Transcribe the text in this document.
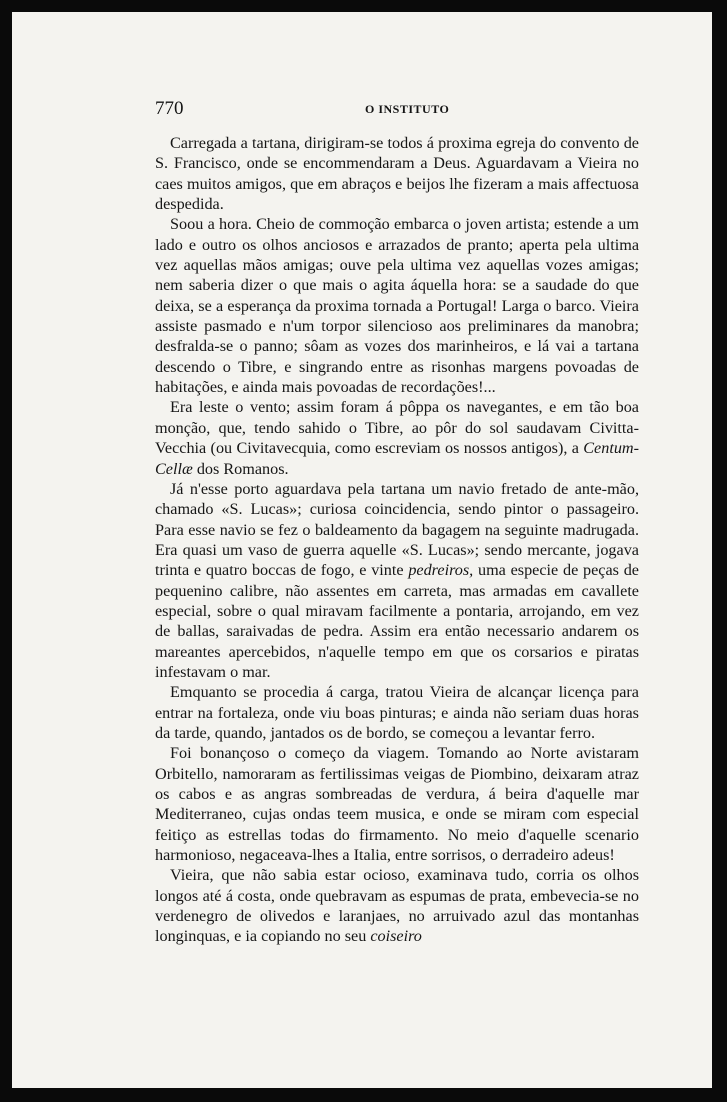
770	O INSTITUTO

Carregada a tartana, dirigiram-se todos á proxima egreja do convento de S. Francisco, onde se encommendaram a Deus. Aguardavam a Vieira no caes muitos amigos, que em abraços e beijos lhe fizeram a mais affectuosa despedida.

Soou a hora. Cheio de commoção embarca o joven artista; estende a um lado e outro os olhos anciosos e arrazados de pranto; aperta pela ultima vez aquellas mãos amigas; ouve pela ultima vez aquellas vozes amigas; nem saberia dizer o que mais o agita áquella hora: se a saudade do que deixa, se a esperança da proxima tornada a Portugal! Larga o barco. Vieira assiste pasmado e n'um torpor silencioso aos preliminares da manobra; desfralda-se o panno; sôam as vozes dos marinheiros, e lá vai a tartana descendo o Tibre, e singrando entre as risonhas margens povoadas de habitações, e ainda mais povoadas de recordações!...

Era leste o vento; assim foram á pôppa os navegantes, e em tão boa monção, que, tendo sahido o Tibre, ao pôr do sol saudavam Civitta-Vecchia (ou Civitavecquia, como escreviam os nossos antigos), a Centum-Cellæ dos Romanos.

Já n'esse porto aguardava pela tartana um navio fretado de ante-mão, chamado «S. Lucas»; curiosa coincidencia, sendo pintor o passageiro. Para esse navio se fez o baldeamento da bagagem na seguinte madrugada. Era quasi um vaso de guerra aquelle «S. Lucas»; sendo mercante, jogava trinta e quatro boccas de fogo, e vinte pedreiros, uma especie de peças de pequenino calibre, não assentes em carreta, mas armadas em cavallete especial, sobre o qual miravam facilmente a pontaria, arrojando, em vez de ballas, saraivadas de pedra. Assim era então necessario andarem os mareantes apercebidos, n'aquelle tempo em que os corsarios e piratas infestavam o mar.

Emquanto se procedia á carga, tratou Vieira de alcançar licença para entrar na fortaleza, onde viu boas pinturas; e ainda não seriam duas horas da tarde, quando, jantados os de bordo, se começou a levantar ferro.

Foi bonançoso o começo da viagem. Tomando ao Norte avistaram Orbitello, namoraram as fertilissimas veigas de Piombino, deixaram atraz os cabos e as angras sombreadas de verdura, á beira d'aquelle mar Mediterraneo, cujas ondas teem musica, e onde se miram com especial feitiço as estrellas todas do firmamento. No meio d'aquelle scenario harmonioso, negaceava-lhes a Italia, entre sorrisos, o derradeiro adeus!

Vieira, que não sabia estar ocioso, examinava tudo, corria os olhos longos até á costa, onde quebravam as espumas de prata, embevecia-se no verdenegro de olivedos e laranjaes, no arruivado azul das montanhas longinquas, e ia copiando no seu coiseiro
